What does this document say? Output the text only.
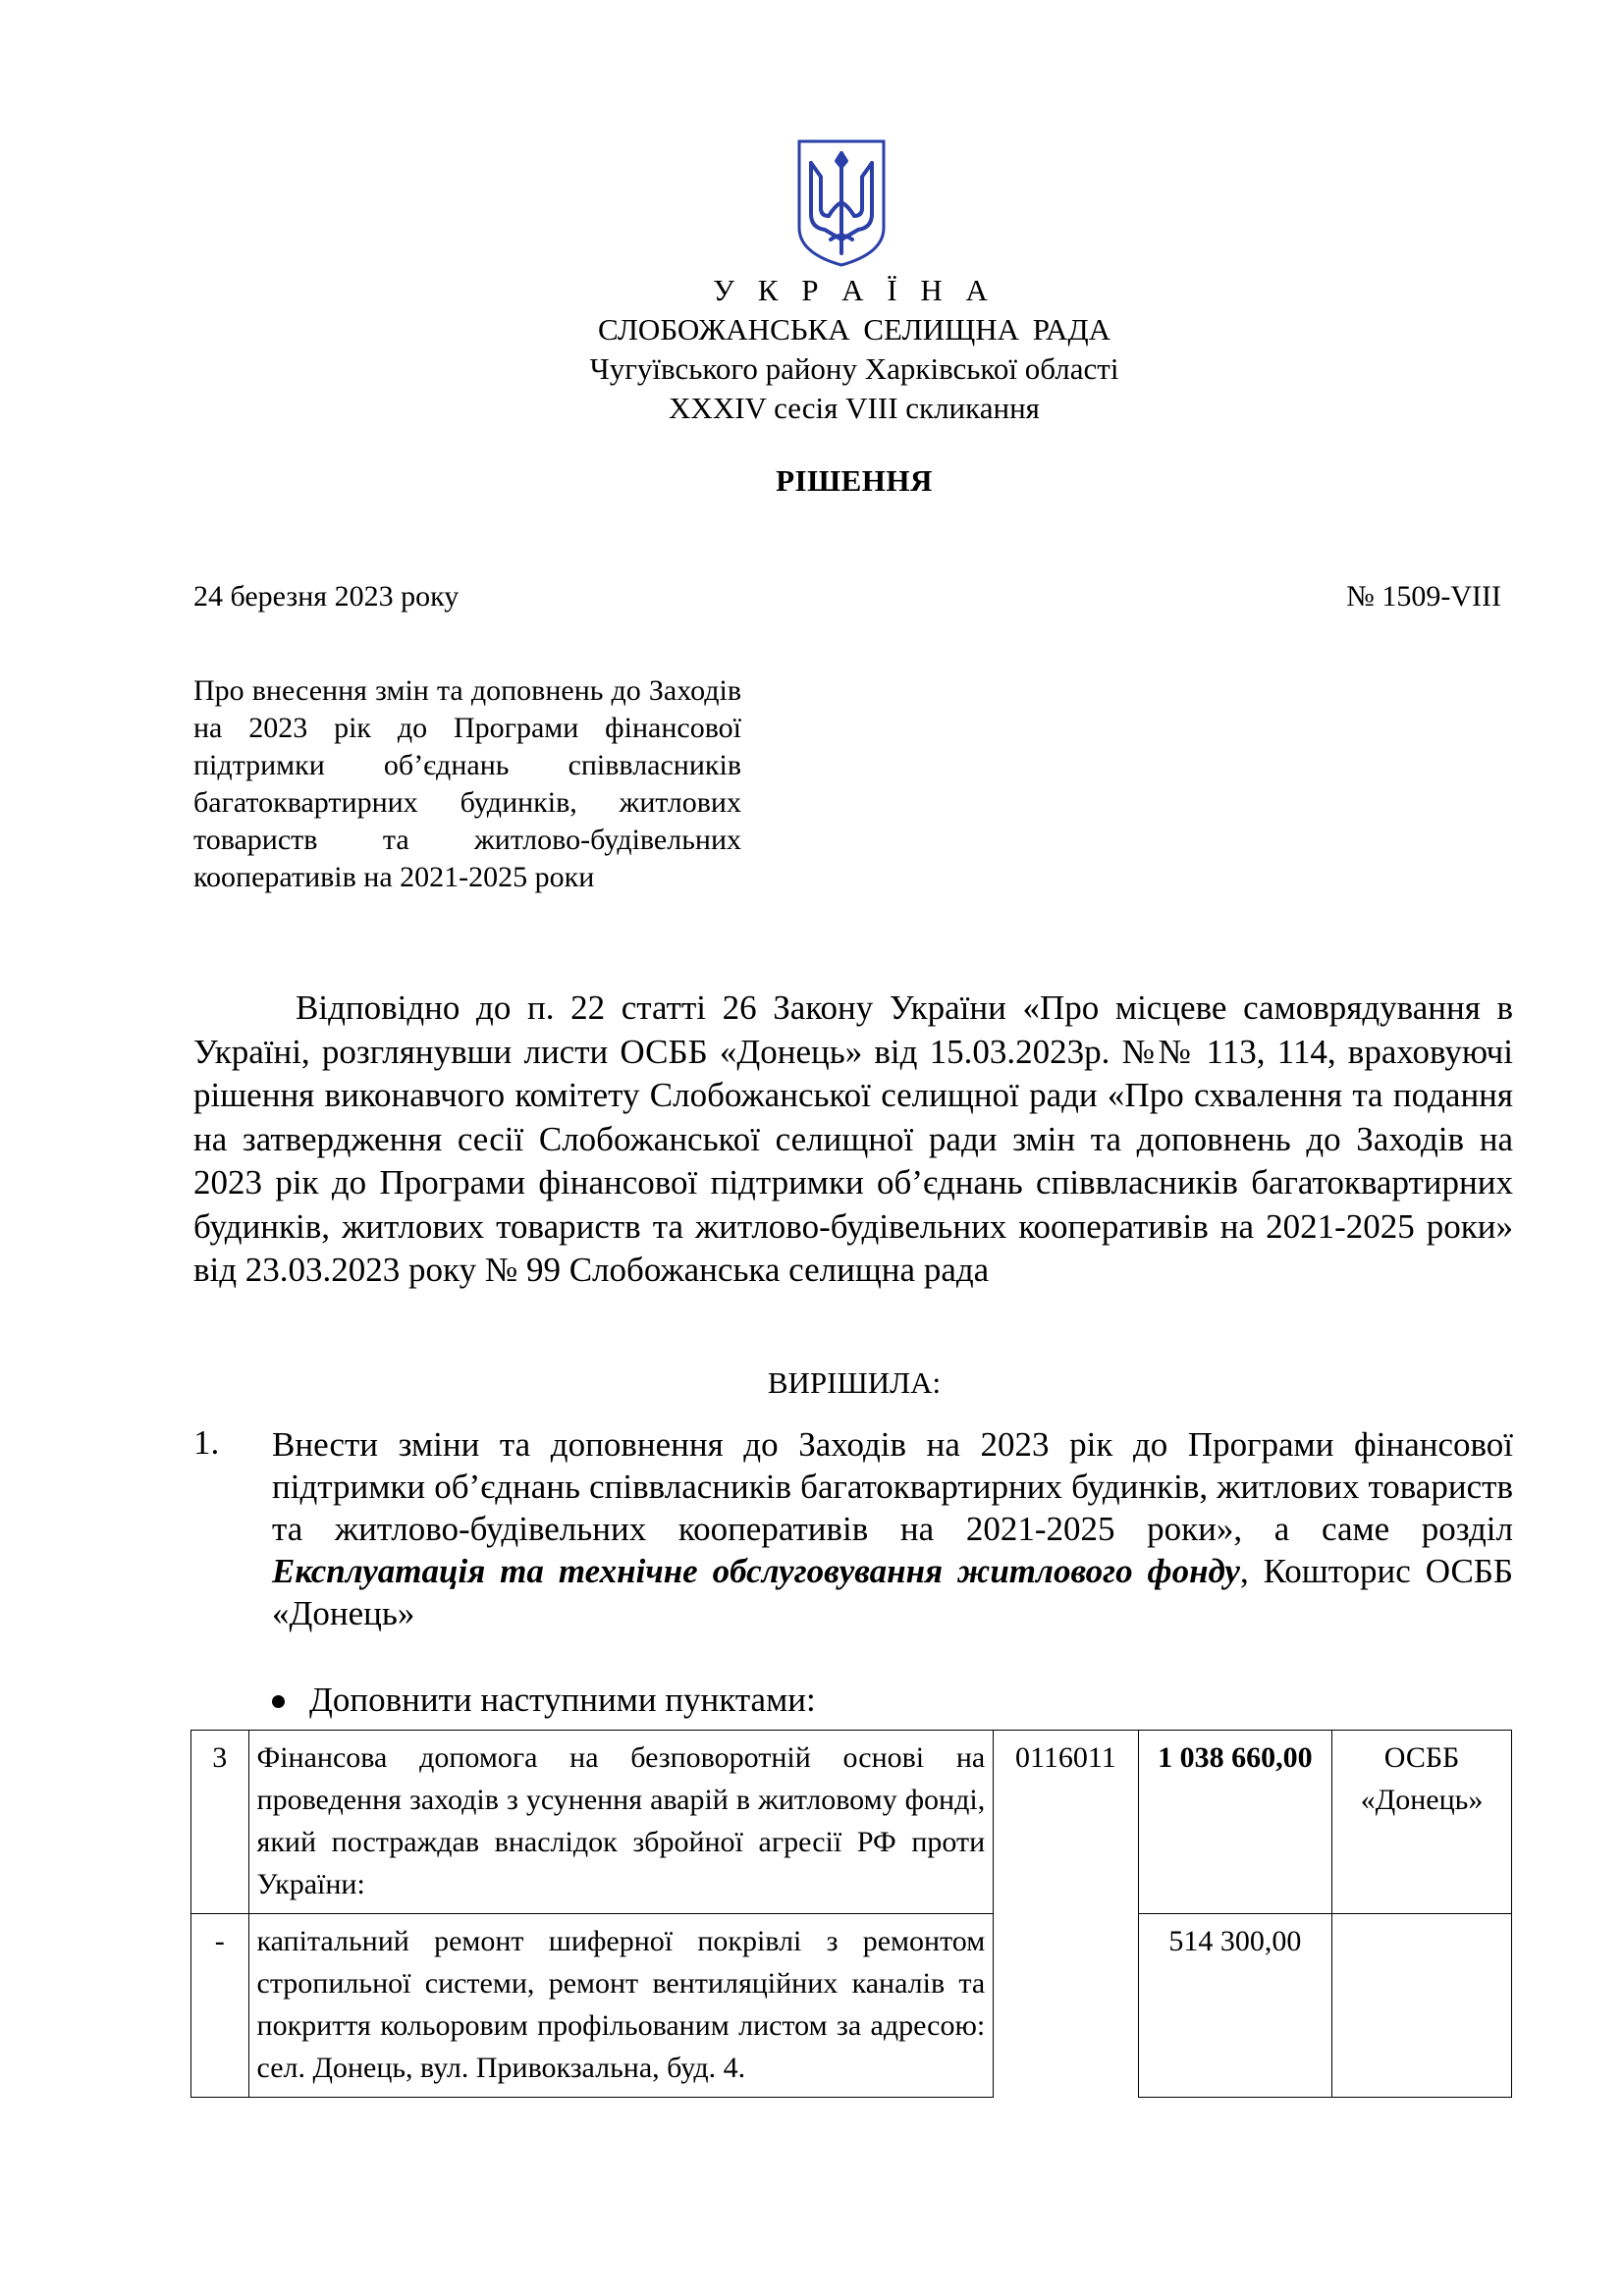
У К Р А Ї Н А
СЛОБОЖАНСЬКА СЕЛИЩНА РАДА
Чугуївського району Харківської області
XXXIV сесія VIII скликання
РІШЕННЯ
24 березня 2023 року	№ 1509-VIII
Про внесення змін та доповнень до Заходів на 2023 рік до Програми фінансової підтримки об’єднань співвласників багатоквартирних будинків, житлових товариств та житлово-будівельних кооперативів на 2021-2025 роки
Відповідно до п. 22 статті 26 Закону України «Про місцеве самоврядування в Україні, розглянувши листи ОСББ «Донець» від 15.03.2023р. №№ 113, 114, враховуючі рішення виконавчого комітету Слобожанської селищної ради «Про схвалення та подання на затвердження сесії Слобожанської селищної ради змін та доповнень до Заходів на 2023 рік до Програми фінансової підтримки об’єднань співвласників багатоквартирних будинків, житлових товариств та житлово-будівельних кооперативів на 2021-2025 роки» від 23.03.2023 року № 99 Слобожанська селищна рада
ВИРІШИЛА:
1. Внести зміни та доповнення до Заходів на 2023 рік до Програми фінансової підтримки об’єднань співвласників багатоквартирних будинків, житлових товариств та житлово-будівельних кооперативів на 2021-2025 роки», а саме розділ Експлуатація та технічне обслуговування житлового фонду, Кошторис ОСББ «Донець»
Доповнити наступними пунктами:
3	Фінансова допомога на безповоротній основі на проведення заходів з усунення аварій в житловому фонді, який постраждав внаслідок збройної агресії РФ проти України:	0116011	1 038 660,00	ОСББ «Донець»
-	капітальний ремонт шиферної покрівлі з ремонтом стропильної системи, ремонт вентиляційних каналів та покриття кольоровим профільованим листом за адресою: сел. Донець, вул. Привокзальна, буд. 4.		514 300,00	
